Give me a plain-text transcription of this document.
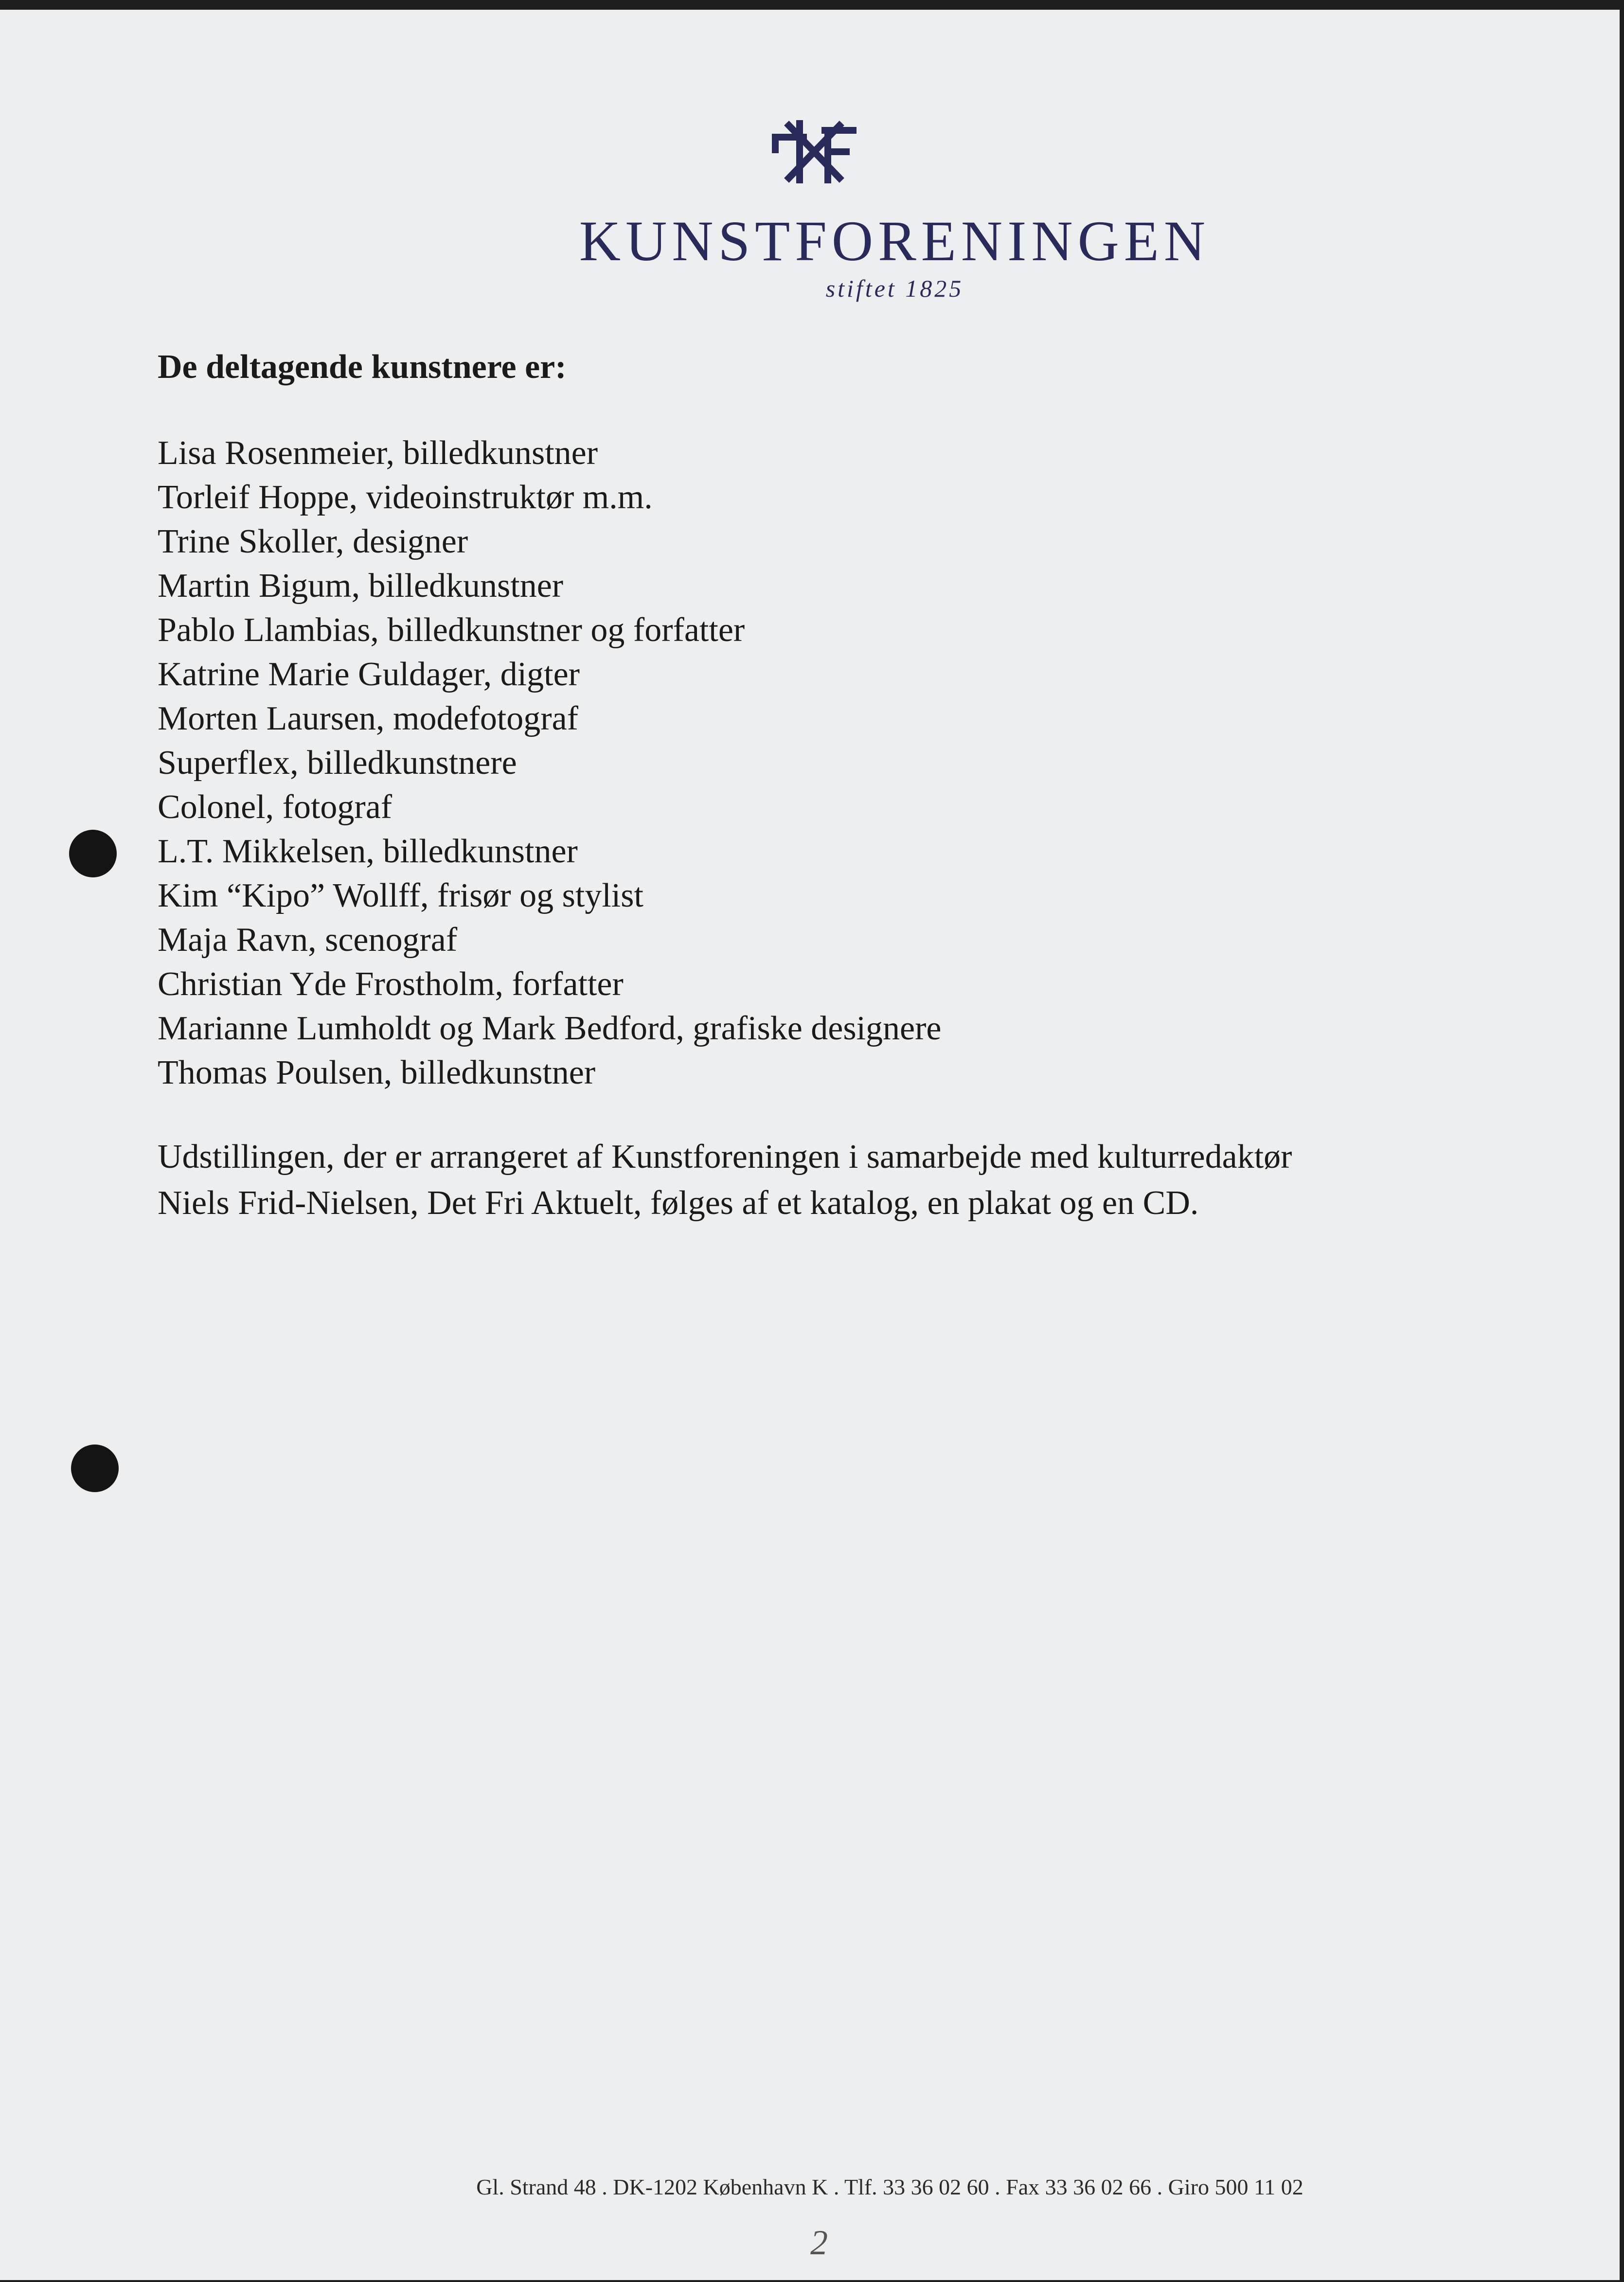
KUNSTFORENINGEN
stiftet 1825
De deltagende kunstnere er:
Lisa Rosenmeier, billedkunstner
Torleif Hoppe, videoinstruktør m.m.
Trine Skoller, designer
Martin Bigum, billedkunstner
Pablo Llambias, billedkunstner og forfatter
Katrine Marie Guldager, digter
Morten Laursen, modefotograf
Superflex, billedkunstnere
Colonel, fotograf
L.T. Mikkelsen, billedkunstner
Kim “Kipo” Wollff, frisør og stylist
Maja Ravn, scenograf
Christian Yde Frostholm, forfatter
Marianne Lumholdt og Mark Bedford, grafiske designere
Thomas Poulsen, billedkunstner

Udstillingen, der er arrangeret af Kunstforeningen i samarbejde med kulturredaktør
Niels Frid-Nielsen, Det Fri Aktuelt, følges af et katalog, en plakat og en CD.

Gl. Strand 48 . DK-1202 København K . Tlf. 33 36 02 60 . Fax 33 36 02 66 . Giro 500 11 02
2
